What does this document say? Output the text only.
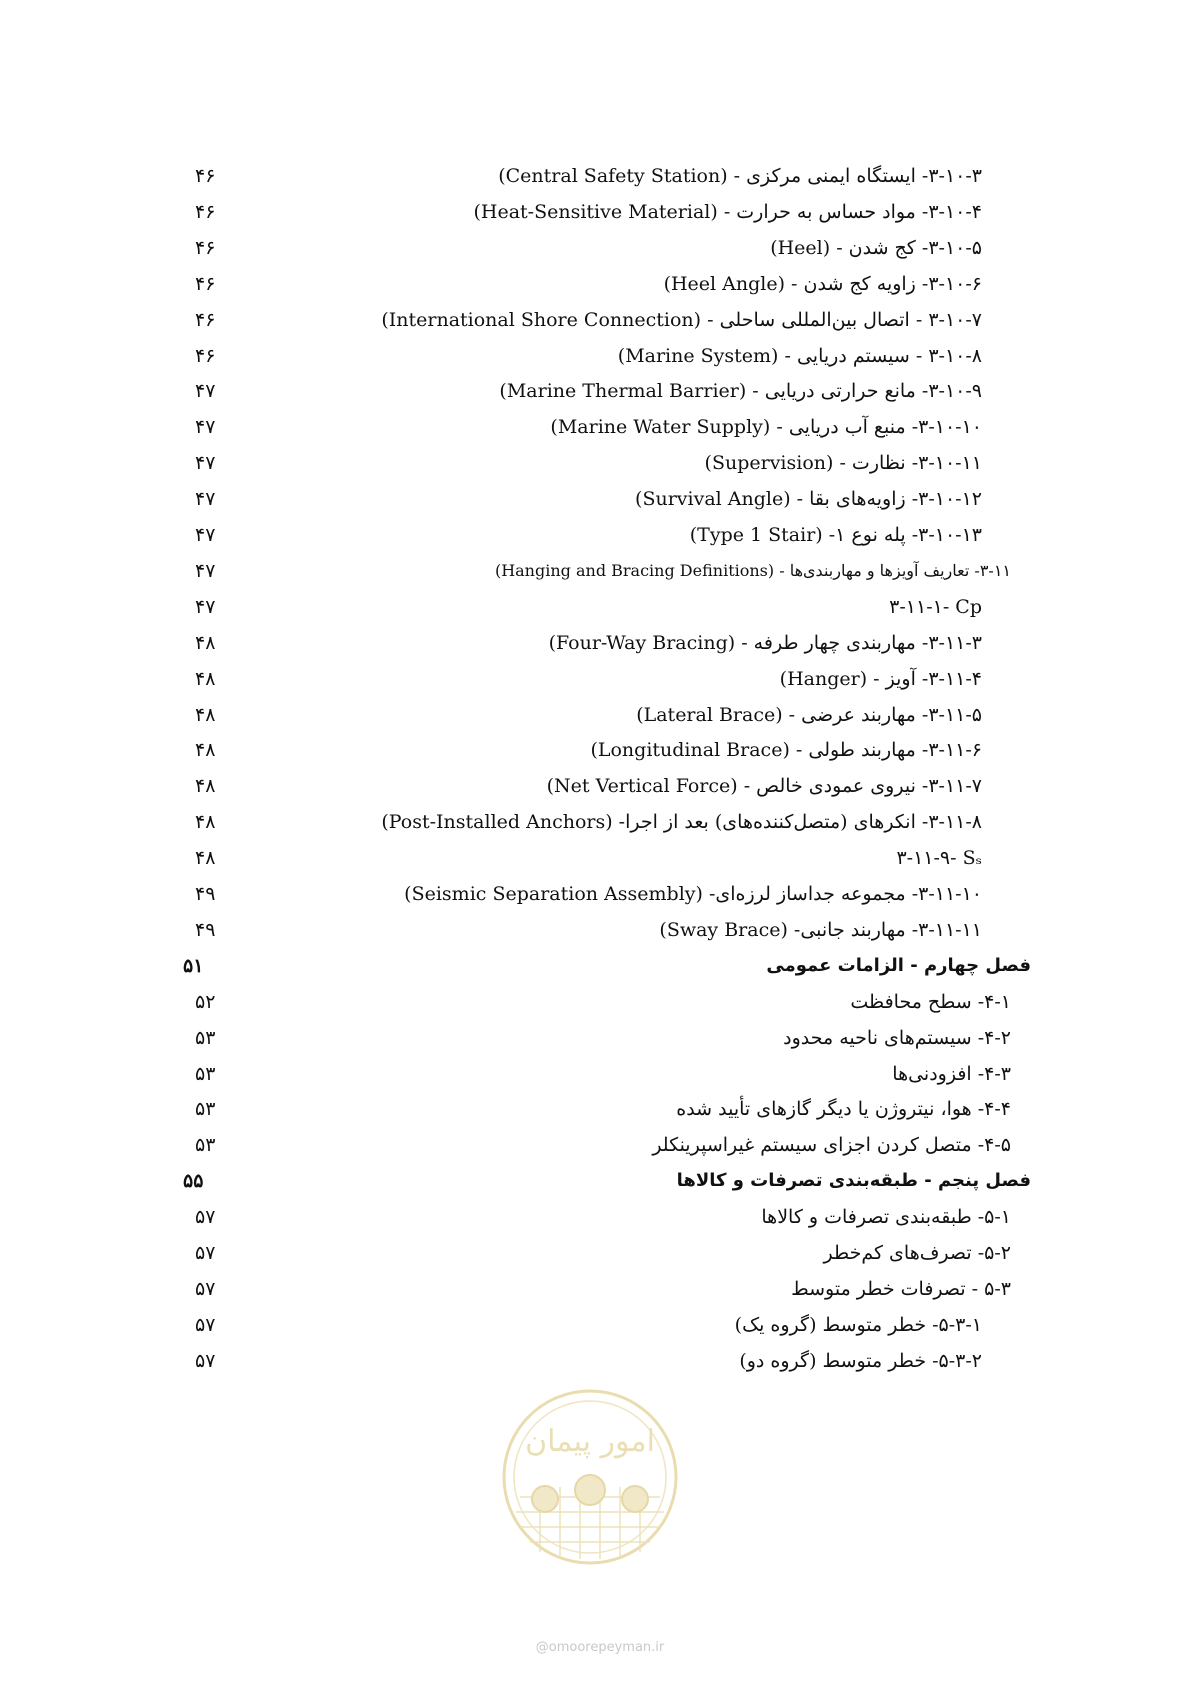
۳-۱۰-۳- ایستگاه ایمنی مرکزی - (Central Safety Station)
۴۶
۳-۱۰-۴- مواد حساس به حرارت - (Heat-Sensitive Material)
۴۶
۳-۱۰-۵- کج شدن - (Heel)
۴۶
۳-۱۰-۶- زاویه کج شدن - (Heel Angle)
۴۶
۳-۱۰-۷ - اتصال بین‌المللی ساحلی - (International Shore Connection)
۴۶
۳-۱۰-۸ - سیستم دریایی - (Marine System)
۴۶
۳-۱۰-۹- مانع حرارتی دریایی - (Marine Thermal Barrier)
۴۷
۳-۱۰-۱۰- منبع آب دریایی - (Marine Water Supply)
۴۷
۳-۱۰-۱۱- نظارت - (Supervision)
۴۷
۳-۱۰-۱۲- زاویه‌های بقا - (Survival Angle)
۴۷
۳-۱۰-۱۳- پله نوع ۱- (Type 1 Stair)
۴۷
۳-۱۱- تعاریف آویزها و مهاربندی‌ها - (Hanging and Bracing Definitions)
۴۷
۳-۱۱-۱- Cp
۴۷
۳-۱۱-۳- مهاربندی چهار طرفه - (Four-Way Bracing)
۴۸
۳-۱۱-۴- آویز - (Hanger)
۴۸
۳-۱۱-۵- مهاربند عرضی - (Lateral Brace)
۴۸
۳-۱۱-۶- مهاربند طولی - (Longitudinal Brace)
۴۸
۳-۱۱-۷- نیروی عمودی خالص - (Net Vertical Force)
۴۸
۳-۱۱-۸- انکرهای (متصل‌کننده‌های) بعد از اجرا- (Post-Installed Anchors)
۴۸
۳-۱۱-۹- Sₛ
۴۸
۳-۱۱-۱۰- مجموعه جداساز لرزه‌ای- (Seismic Separation Assembly)
۴۹
۳-۱۱-۱۱- مهاربند جانبی- (Sway Brace)
۴۹
فصل چهارم - الزامات عمومی
۵۱
۴-۱- سطح محافظت
۵۲
۴-۲- سیستم‌های ناحیه محدود
۵۳
۴-۳- افزودنی‌ها
۵۳
۴-۴- هوا، نیتروژن یا دیگر گازهای تأیید شده
۵۳
۴-۵- متصل کردن اجزای سیستم غیراسپرینکلر
۵۳
فصل پنجم - طبقه‌بندی تصرفات و کالاها
۵۵
۵-۱- طبقه‌بندی تصرفات و کالاها
۵۷
۵-۲- تصرف‌های کم‌خطر
۵۷
۵-۳ - تصرفات خطر متوسط
۵۷
۵-۳-۱- خطر متوسط (گروه یک)
۵۷
۵-۳-۲- خطر متوسط (گروه دو)
۵۷
امور پیمان
@omoorepeyman.ir
